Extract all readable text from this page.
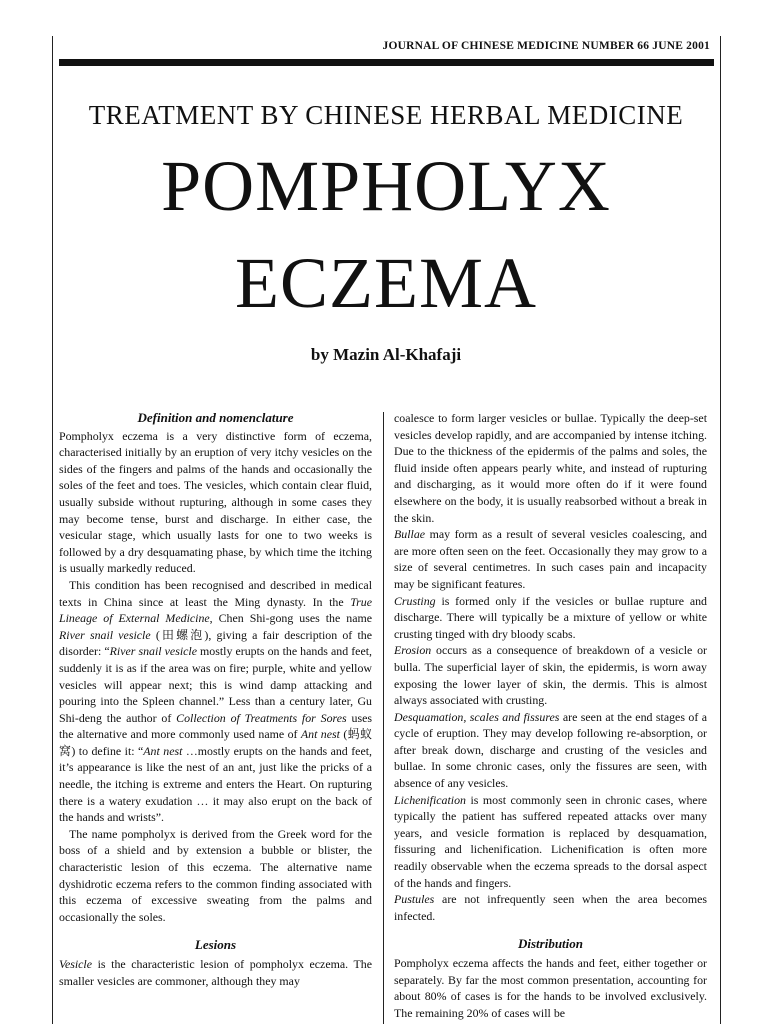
JOURNAL OF CHINESE MEDICINE NUMBER 66 JUNE 2001
TREATMENT BY CHINESE HERBAL MEDICINE
POMPHOLYX
ECZEMA
by Mazin Al-Khafaji

Definition and nomenclature

Pompholyx eczema is a very distinctive form of eczema, characterised initially by an eruption of very itchy vesicles on the sides of the fingers and palms of the hands and occasionally the soles of the feet and toes. The vesicles, which contain clear fluid, usually subside without rupturing, although in some cases they may become tense, burst and discharge. In either case, the vesicular stage, which usually lasts for one to two weeks is followed by a dry desquamating phase, by which time the itching is usually markedly reduced.

This condition has been recognised and described in medical texts in China since at least the Ming dynasty. In the True Lineage of External Medicine, Chen Shi-gong uses the name River snail vesicle (田螺泡), giving a fair description of the disorder: “River snail vesicle mostly erupts on the hands and feet, suddenly it is as if the area was on fire; purple, white and yellow vesicles will appear next; this is wind damp attacking and pouring into the Spleen channel.” Less than a century later, Gu Shi-deng the author of Collection of Treatments for Sores uses the alternative and more commonly used name of Ant nest (蚂蚁窝) to define it: “Ant nest …mostly erupts on the hands and feet, it’s appearance is like the nest of an ant, just like the pricks of a needle, the itching is extreme and enters the Heart. On rupturing there is a watery exudation … it may also erupt on the back of the hands and wrists”.

The name pompholyx is derived from the Greek word for the boss of a shield and by extension a bubble or blister, the characteristic lesion of this eczema. The alternative name dyshidrotic eczema refers to the common finding associated with this eczema of excessive sweating from the palms and occasionally the soles.

Lesions

Vesicle is the characteristic lesion of pompholyx eczema. The smaller vesicles are commoner, although they may

coalesce to form larger vesicles or bullae. Typically the deep-set vesicles develop rapidly, and are accompanied by intense itching. Due to the thickness of the epidermis of the palms and soles, the fluid inside often appears pearly white, and instead of rupturing and discharging, as it would more often do if it were found elsewhere on the body, it is usually reabsorbed without a break in the skin.

Bullae may form as a result of several vesicles coalescing, and are more often seen on the feet. Occasionally they may grow to a size of several centimetres. In such cases pain and incapacity may be significant features.

Crusting is formed only if the vesicles or bullae rupture and discharge. There will typically be a mixture of yellow or white crusting tinged with dry bloody scabs.

Erosion occurs as a consequence of breakdown of a vesicle or bulla. The superficial layer of skin, the epidermis, is worn away exposing the lower layer of skin, the dermis. This is almost always associated with crusting.

Desquamation, scales and fissures are seen at the end stages of a cycle of eruption. They may develop following re-absorption, or after break down, discharge and crusting of the vesicles and bullae. In some chronic cases, only the fissures are seen, with absence of any vesicles.

Lichenification is most commonly seen in chronic cases, where typically the patient has suffered repeated attacks over many years, and vesicle formation is replaced by desquamation, fissuring and lichenification. Lichenification is often more readily observable when the eczema spreads to the dorsal aspect of the hands and fingers.

Pustules are not infrequently seen when the area becomes infected.

Distribution

Pompholyx eczema affects the hands and feet, either together or separately. By far the most common presentation, accounting for about 80% of cases is for the hands to be involved exclusively. The remaining 20% of cases will be
